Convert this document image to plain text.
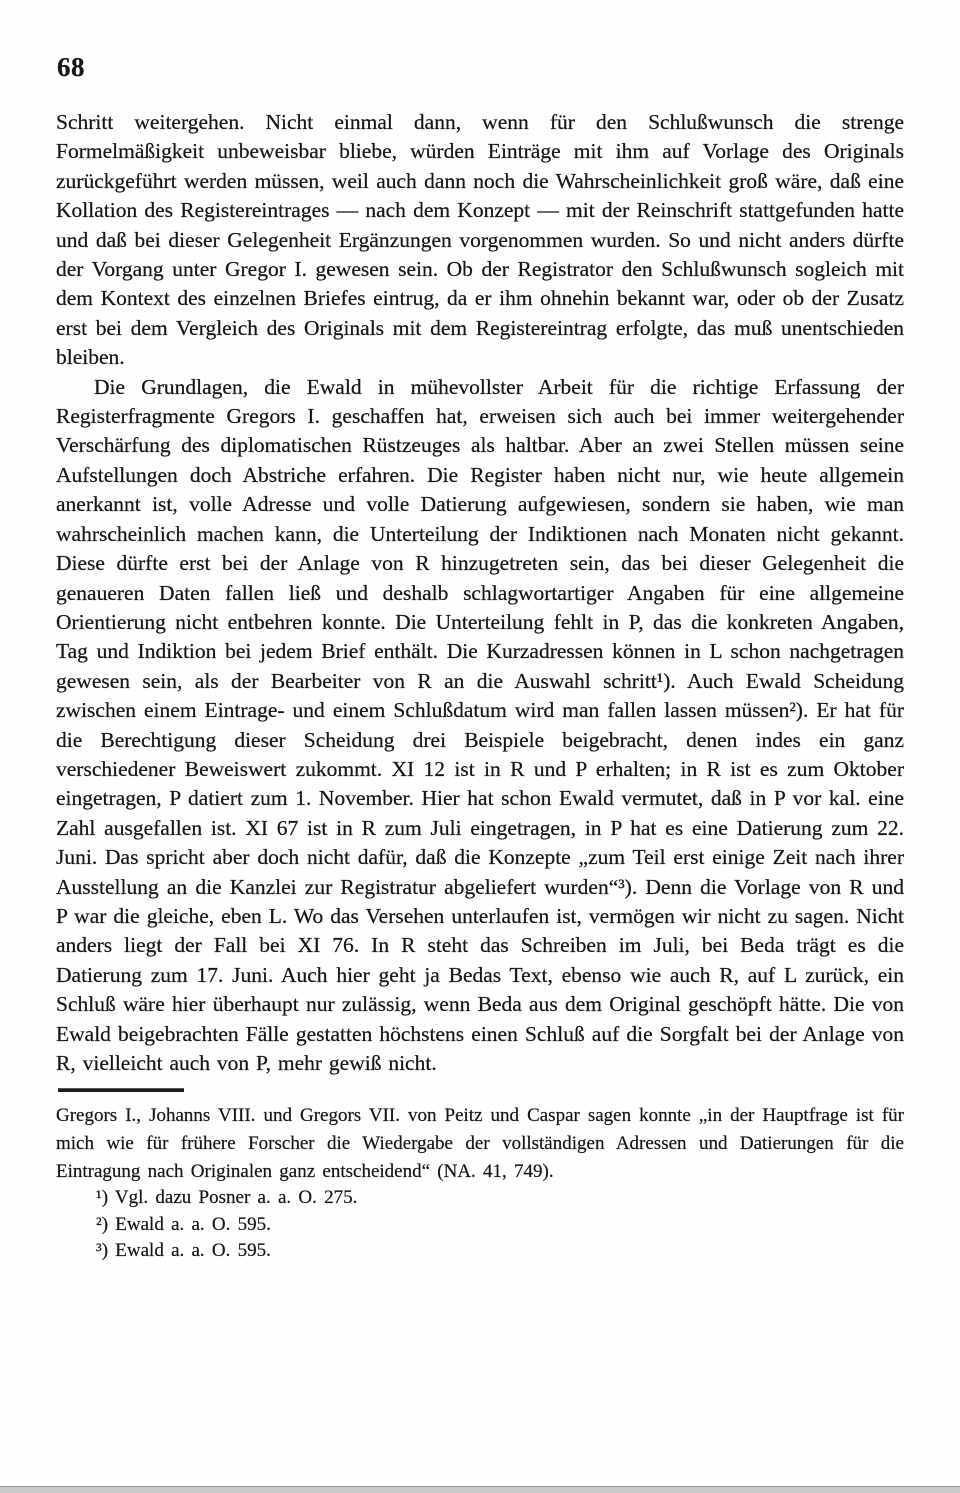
68

Schritt weitergehen. Nicht einmal dann, wenn für den Schlußwunsch die strenge Formelmäßigkeit unbeweisbar bliebe, würden Einträge mit ihm auf Vorlage des Originals zurückgeführt werden müssen, weil auch dann noch die Wahrscheinlichkeit groß wäre, daß eine Kollation des Registereintrages — nach dem Konzept — mit der Reinschrift stattgefunden hatte und daß bei dieser Gelegenheit Ergänzungen vorgenommen wurden. So und nicht anders dürfte der Vorgang unter Gregor I. gewesen sein. Ob der Registrator den Schlußwunsch sogleich mit dem Kontext des einzelnen Briefes eintrug, da er ihm ohnehin bekannt war, oder ob der Zusatz erst bei dem Vergleich des Originals mit dem Registereintrag erfolgte, das muß unentschieden bleiben.

Die Grundlagen, die Ewald in mühevollster Arbeit für die richtige Erfassung der Registerfragmente Gregors I. geschaffen hat, erweisen sich auch bei immer weitergehender Verschärfung des diplomatischen Rüstzeuges als haltbar. Aber an zwei Stellen müssen seine Aufstellungen doch Abstriche erfahren. Die Register haben nicht nur, wie heute allgemein anerkannt ist, volle Adresse und volle Datierung aufgewiesen, sondern sie haben, wie man wahrscheinlich machen kann, die Unterteilung der Indiktionen nach Monaten nicht gekannt. Diese dürfte erst bei der Anlage von R hinzugetreten sein, das bei dieser Gelegenheit die genaueren Daten fallen ließ und deshalb schlagwortartiger Angaben für eine allgemeine Orientierung nicht entbehren konnte. Die Unterteilung fehlt in P, das die konkreten Angaben, Tag und Indiktion bei jedem Brief enthält. Die Kurzadressen können in L schon nachgetragen gewesen sein, als der Bearbeiter von R an die Auswahl schritt¹). Auch Ewald Scheidung zwischen einem Eintrage- und einem Schlußdatum wird man fallen lassen müssen²). Er hat für die Berechtigung dieser Scheidung drei Beispiele beigebracht, denen indes ein ganz verschiedener Beweiswert zukommt. XI 12 ist in R und P erhalten; in R ist es zum Oktober eingetragen, P datiert zum 1. November. Hier hat schon Ewald vermutet, daß in P vor kal. eine Zahl ausgefallen ist. XI 67 ist in R zum Juli eingetragen, in P hat es eine Datierung zum 22. Juni. Das spricht aber doch nicht dafür, daß die Konzepte „zum Teil erst einige Zeit nach ihrer Ausstellung an die Kanzlei zur Registratur abgeliefert wurden“³). Denn die Vorlage von R und P war die gleiche, eben L. Wo das Versehen unterlaufen ist, vermögen wir nicht zu sagen. Nicht anders liegt der Fall bei XI 76. In R steht das Schreiben im Juli, bei Beda trägt es die Datierung zum 17. Juni. Auch hier geht ja Bedas Text, ebenso wie auch R, auf L zurück, ein Schluß wäre hier überhaupt nur zulässig, wenn Beda aus dem Original geschöpft hätte. Die von Ewald beigebrachten Fälle gestatten höchstens einen Schluß auf die Sorgfalt bei der Anlage von R, vielleicht auch von P, mehr gewiß nicht.

Gregors I., Johanns VIII. und Gregors VII. von Peitz und Caspar sagen konnte „in der Hauptfrage ist für mich wie für frühere Forscher die Wiedergabe der vollständigen Adressen und Datierungen für die Eintragung nach Originalen ganz entscheidend“ (NA. 41, 749).

¹) Vgl. dazu Posner a. a. O. 275.

²) Ewald a. a. O. 595.

³) Ewald a. a. O. 595.
